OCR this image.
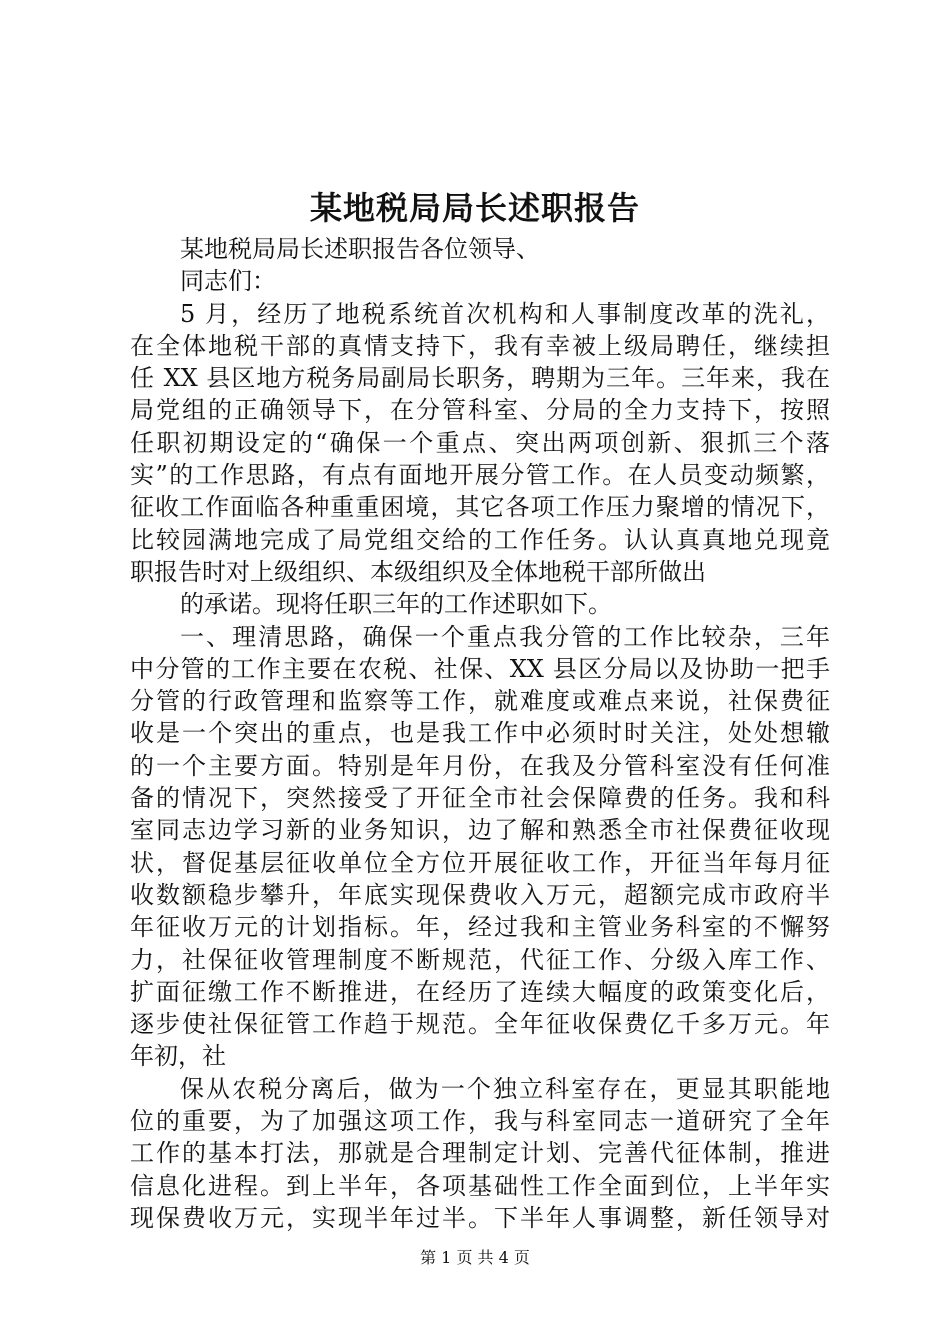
某地税局局长述职报告
某地税局局长述职报告各位领导、
同志们：
5 月，经历了地税系统首次机构和人事制度改革的洗礼，
在全体地税干部的真情支持下，我有幸被上级局聘任，继续担
任 XX 县区地方税务局副局长职务，聘期为三年。三年来，我在
局党组的正确领导下，在分管科室、分局的全力支持下，按照
任职初期设定的“确保一个重点、突出两项创新、狠抓三个落
实”的工作思路，有点有面地开展分管工作。在人员变动频繁，
征收工作面临各种重重困境，其它各项工作压力聚增的情况下，
比较园满地完成了局党组交给的工作任务。认认真真地兑现竟
职报告时对上级组织、本级组织及全体地税干部所做出
的承诺。现将任职三年的工作述职如下。
一、理清思路，确保一个重点我分管的工作比较杂，三年
中分管的工作主要在农税、社保、XX 县区分局以及协助一把手
分管的行政管理和监察等工作，就难度或难点来说，社保费征
收是一个突出的重点，也是我工作中必须时时关注，处处想辙
的一个主要方面。特别是年月份，在我及分管科室没有任何准
备的情况下，突然接受了开征全市社会保障费的任务。我和科
室同志边学习新的业务知识，边了解和熟悉全市社保费征收现
状，督促基层征收单位全方位开展征收工作，开征当年每月征
收数额稳步攀升，年底实现保费收入万元，超额完成市政府半
年征收万元的计划指标。年，经过我和主管业务科室的不懈努
力，社保征收管理制度不断规范，代征工作、分级入库工作、
扩面征缴工作不断推进，在经历了连续大幅度的政策变化后，
逐步使社保征管工作趋于规范。全年征收保费亿千多万元。年
年初，社
保从农税分离后，做为一个独立科室存在，更显其职能地
位的重要，为了加强这项工作，我与科室同志一道研究了全年
工作的基本打法，那就是合理制定计划、完善代征体制，推进
信息化进程。到上半年，各项基础性工作全面到位，上半年实
现保费收万元，实现半年过半。下半年人事调整，新任领导对
第 1 页 共 4 页
